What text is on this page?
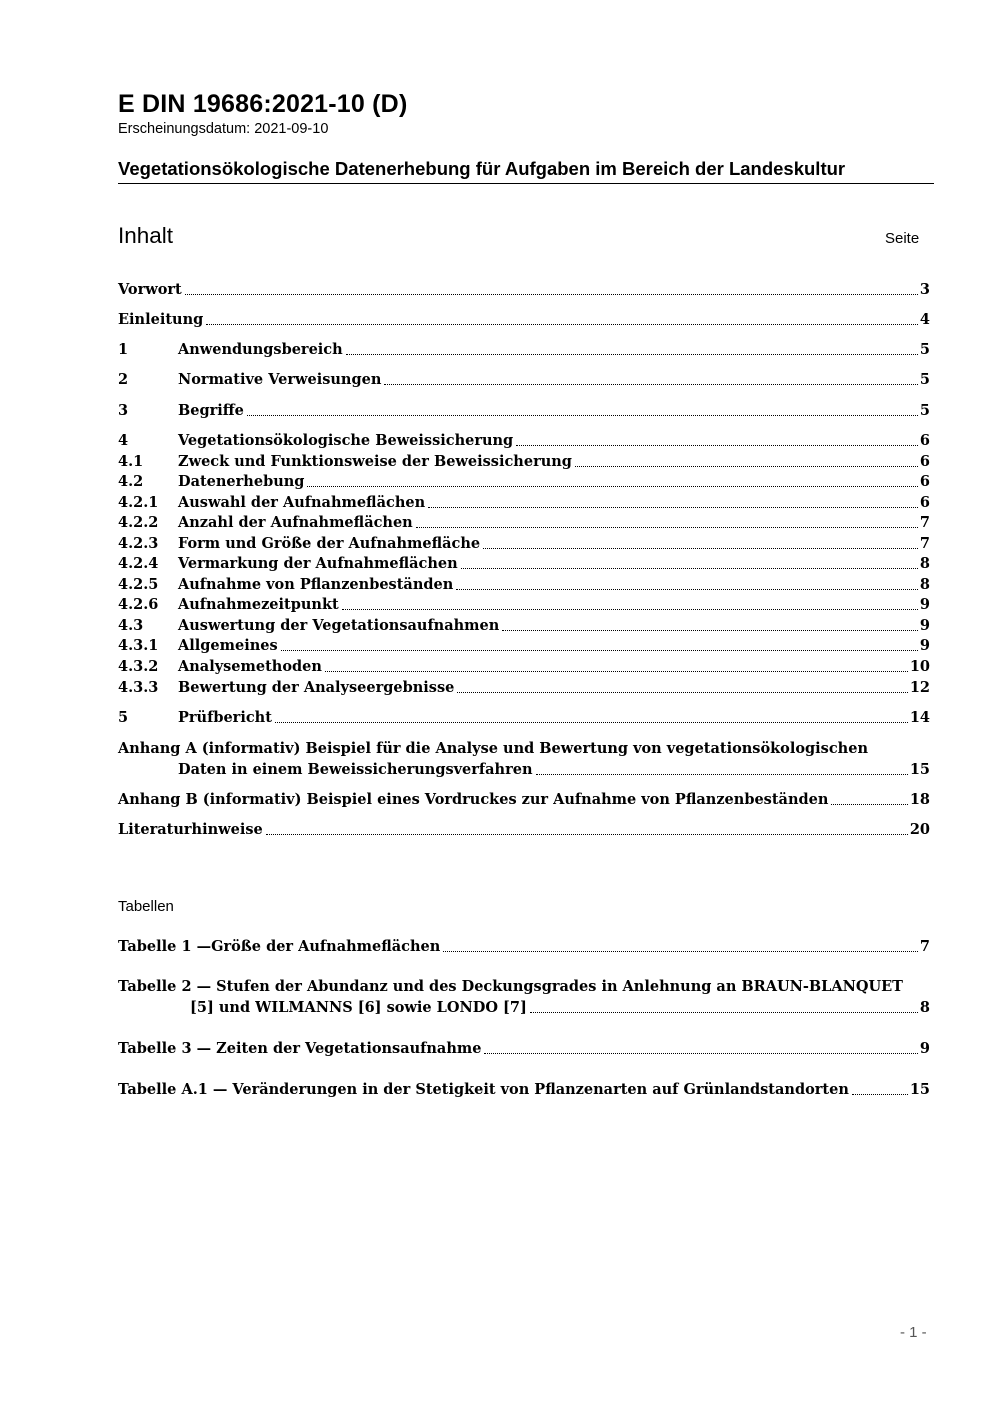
E DIN 19686:2021-10 (D)
Erscheinungsdatum: 2021-09-10
Vegetationsökologische Datenerhebung für Aufgaben im Bereich der Landeskultur
Inhalt	Seite
Vorwort	3
Einleitung	4
1	Anwendungsbereich	5
2	Normative Verweisungen	5
3	Begriffe	5
4	Vegetationsökologische Beweissicherung	6
4.1	Zweck und Funktionsweise der Beweissicherung	6
4.2	Datenerhebung	6
4.2.1	Auswahl der Aufnahmeflächen	6
4.2.2	Anzahl der Aufnahmeflächen	7
4.2.3	Form und Größe der Aufnahmefläche	7
4.2.4	Vermarkung der Aufnahmeflächen	8
4.2.5	Aufnahme von Pflanzenbeständen	8
4.2.6	Aufnahmezeitpunkt	9
4.3	Auswertung der Vegetationsaufnahmen	9
4.3.1	Allgemeines	9
4.3.2	Analysemethoden	10
4.3.3	Bewertung der Analyseergebnisse	12
5	Prüfbericht	14
Anhang A (informativ) Beispiel für die Analyse und Bewertung von vegetationsökologischen
Daten in einem Beweissicherungsverfahren	15
Anhang B (informativ) Beispiel eines Vordruckes zur Aufnahme von Pflanzenbeständen	18
Literaturhinweise	20
Tabellen
Tabelle 1 —Größe der Aufnahmeflächen	7
Tabelle 2 — Stufen der Abundanz und des Deckungsgrades in Anlehnung an BRAUN-BLANQUET
[5] und WILMANNS [6] sowie LONDO [7]	8
Tabelle 3 — Zeiten der Vegetationsaufnahme	9
Tabelle A.1 — Veränderungen in der Stetigkeit von Pflanzenarten auf Grünlandstandorten	15
- 1 -
